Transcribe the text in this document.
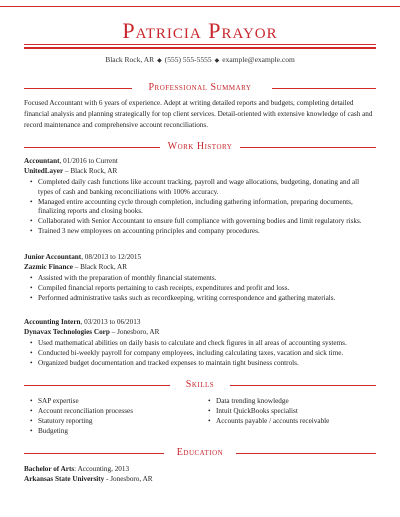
Patricia Prayor
Black Rock, AR ◆ (555) 555-5555 ◆ example@example.com
Professional Summary
Focused Accountant with 6 years of experience. Adept at writing detailed reports and budgets, completing detailed
financial analysis and planning strategically for top client services. Detail-oriented with extensive knowledge of cash and
record maintenance and comprehensive account reconciliations.
Work History
Accountant, 01/2016 to Current
UnitedLayer – Black Rock, AR
• Completed daily cash functions like account tracking, payroll and wage allocations, budgeting, donating and all
types of cash and banking reconciliations with 100% accuracy.
• Managed entire accounting cycle through completion, including gathering information, preparing documents,
finalizing reports and closing books.
• Collaborated with Senior Accountant to ensure full compliance with governing bodies and limit regulatory risks.
• Trained 3 new employees on accounting principles and company procedures.
Junior Accountant, 08/2013 to 12/2015
Zazmic Finance – Black Rock, AR
• Assisted with the preparation of monthly financial statements.
• Compiled financial reports pertaining to cash receipts, expenditures and profit and loss.
• Performed administrative tasks such as recordkeeping, writing correspondence and gathering materials.
Accounting Intern, 03/2013 to 06/2013
Dynavax Technologies Corp – Jonesboro, AR
• Used mathematical abilities on daily basis to calculate and check figures in all areas of accounting systems.
• Conducted bi-weekly payroll for company employees, including calculating taxes, vacation and sick time.
• Organized budget documentation and tracked expenses to maintain tight business controls.
Skills
• SAP expertise
• Account reconciliation processes
• Statutory reporting
• Budgeting
• Data trending knowledge
• Intuit QuickBooks specialist
• Accounts payable / accounts receivable
Education
Bachelor of Arts: Accounting, 2013
Arkansas State University - Jonesboro, AR
